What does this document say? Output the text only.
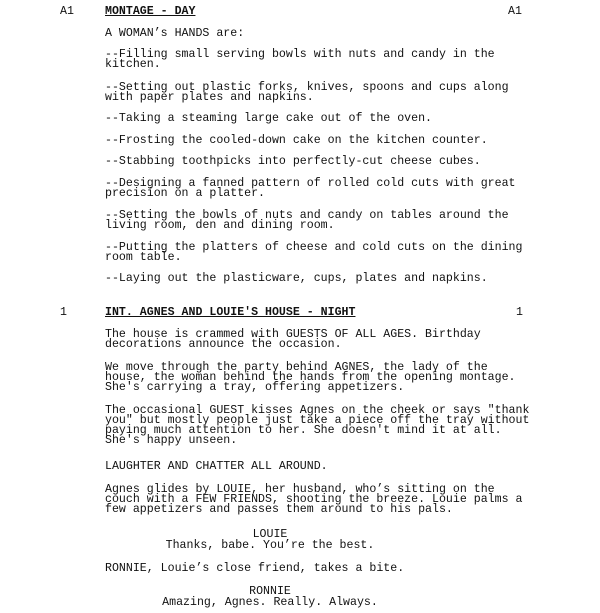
A1	MONTAGE - DAY	A1
A WOMAN’s HANDS are:
--Filling small serving bowls with nuts and candy in the
kitchen.
--Setting out plastic forks, knives, spoons and cups along
with paper plates and napkins.
--Taking a steaming large cake out of the oven.
--Frosting the cooled-down cake on the kitchen counter.
--Stabbing toothpicks into perfectly-cut cheese cubes.
--Designing a fanned pattern of rolled cold cuts with great
precision on a platter.
--Setting the bowls of nuts and candy on tables around the
living room, den and dining room.
--Putting the platters of cheese and cold cuts on the dining
room table.
--Laying out the plasticware, cups, plates and napkins.
1	INT. AGNES AND LOUIE'S HOUSE - NIGHT	1
The house is crammed with GUESTS OF ALL AGES. Birthday
decorations announce the occasion.
We move through the party behind AGNES, the lady of the
house, the woman behind the hands from the opening montage.
She's carrying a tray, offering appetizers.
The occasional GUEST kisses Agnes on the cheek or says "thank
you" but mostly people just take a piece off the tray without
paying much attention to her. She doesn't mind it at all.
She's happy unseen.
LAUGHTER AND CHATTER ALL AROUND.
Agnes glides by LOUIE, her husband, who’s sitting on the
couch with a FEW FRIENDS, shooting the breeze. Louie palms a
few appetizers and passes them around to his pals.
LOUIE
Thanks, babe. You’re the best.
RONNIE, Louie’s close friend, takes a bite.
RONNIE
Amazing, Agnes. Really. Always.
